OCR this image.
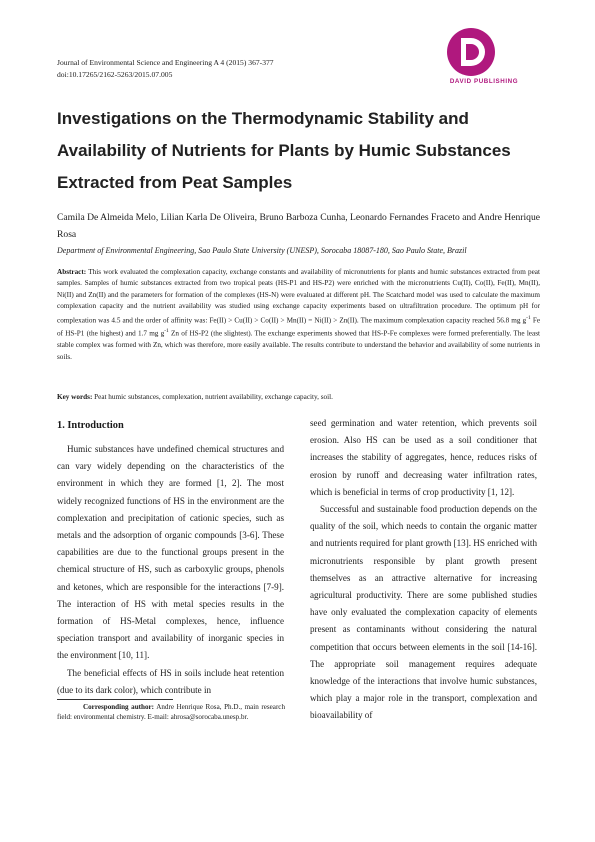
Journal of Environmental Science and Engineering A 4 (2015) 367-377
doi:10.17265/2162-5263/2015.07.005
DAVID PUBLISHING
Investigations on the Thermodynamic Stability and Availability of Nutrients for Plants by Humic Substances Extracted from Peat Samples
Camila De Almeida Melo, Lilian Karla De Oliveira, Bruno Barboza Cunha, Leonardo Fernandes Fraceto and Andre Henrique Rosa
Department of Environmental Engineering, Sao Paulo State University (UNESP), Sorocaba 18087-180, Sao Paulo State, Brazil
Abstract: This work evaluated the complexation capacity, exchange constants and availability of micronutrients for plants and humic substances extracted from peat samples. Samples of humic substances extracted from two tropical peats (HS-P1 and HS-P2) were enriched with the micronutrients Cu(II), Co(II), Fe(II), Mn(II), Ni(II) and Zn(II) and the parameters for formation of the complexes (HS-N) were evaluated at different pH. The Scatchard model was used to calculate the maximum complexation capacity and the nutrient availability was studied using exchange capacity experiments based on ultrafiltration procedure. The optimum pH for complexation was 4.5 and the order of affinity was: Fe(II) > Cu(II) > Co(II) > Mn(II) = Ni(II) > Zn(II). The maximum complexation capacity reached 56.8 mg $g^{-1}$ Fe of HS-P1 (the highest) and 1.7 mg $g^{-1}$ Zn of HS-P2 (the slightest). The exchange experiments showed that HS-P-Fe complexes were formed preferentially. The least stable complex was formed with Zn, which was therefore, more easily available. The results contribute to understand the behavior and availability of some nutrients in soils.
Key words: Peat humic substances, complexation, nutrient availability, exchange capacity, soil.
1. Introduction

Humic substances have undefined chemical structures and can vary widely depending on the characteristics of the environment in which they are formed [1, 2]. The most widely recognized functions of HS in the environment are the complexation and precipitation of cationic species, such as metals and the adsorption of organic compounds [3-6]. These capabilities are due to the functional groups present in the chemical structure of HS, such as carboxylic groups, phenols and ketones, which are responsible for the interactions [7-9]. The interaction of HS with metal species results in the formation of HS-Metal complexes, hence, influence speciation transport and availability of inorganic species in the environment [10, 11].

The beneficial effects of HS in soils include heat retention (due to its dark color), which contribute in

seed germination and water retention, which prevents soil erosion. Also HS can be used as a soil conditioner that increases the stability of aggregates, hence, reduces risks of erosion by runoff and decreasing water infiltration rates, which is beneficial in terms of crop productivity [1, 12].

Successful and sustainable food production depends on the quality of the soil, which needs to contain the organic matter and nutrients required for plant growth [13]. HS enriched with micronutrients responsible by plant growth present themselves as an attractive alternative for increasing agricultural productivity. There are some published studies have only evaluated the complexation capacity of elements present as contaminants without considering the natural competition that occurs between elements in the soil [14-16]. The appropriate soil management requires adequate knowledge of the interactions that involve humic substances, which play a major role in the transport, complexation and bioavailability of

Corresponding author: Andre Henrique Rosa, Ph.D., main research field: environmental chemistry. E-mail: ahrosa@sorocaba.unesp.br.
